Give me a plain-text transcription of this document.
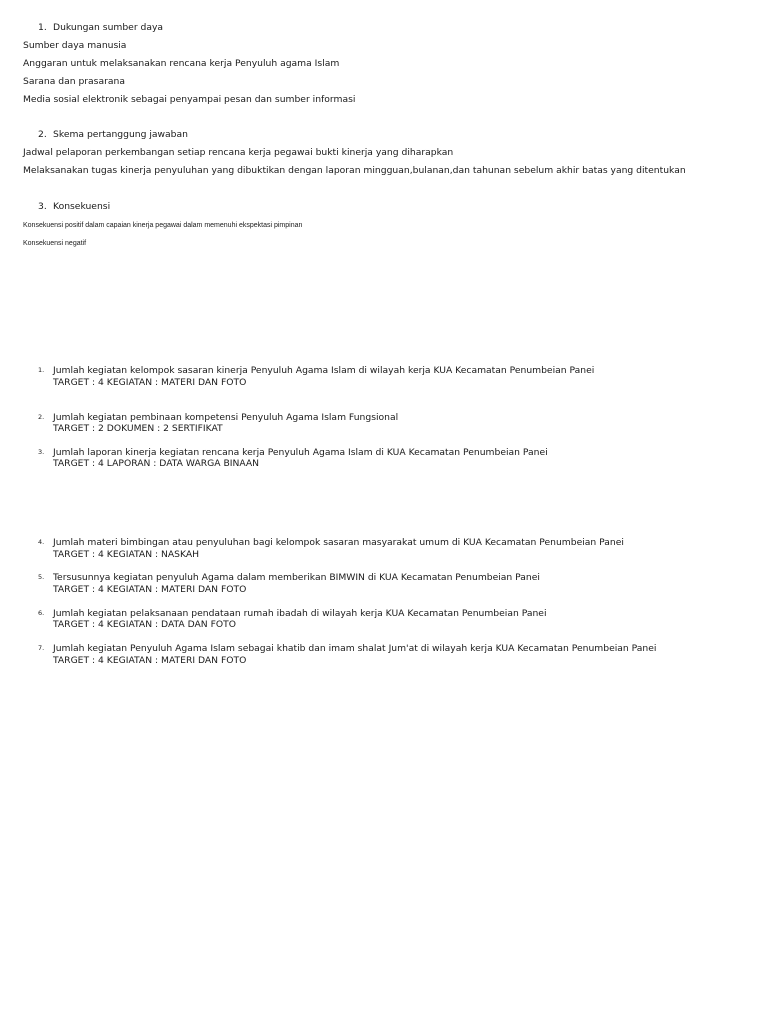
1. Dukungan sumber daya
Sumber daya manusia
Anggaran untuk melaksanakan rencana kerja Penyuluh agama Islam
Sarana dan prasarana
Media sosial elektronik sebagai penyampai pesan dan sumber informasi
2. Skema pertanggung jawaban
Jadwal pelaporan perkembangan setiap rencana kerja pegawai bukti kinerja yang diharapkan
Melaksanakan tugas kinerja penyuluhan yang dibuktikan dengan laporan mingguan,bulanan,dan tahunan sebelum akhir batas yang ditentukan
3. Konsekuensi
Konsekuensi positif dalam capaian kinerja pegawai dalam memenuhi ekspektasi pimpinan
Konsekuensi negatif
1. Jumlah kegiatan kelompok sasaran kinerja Penyuluh Agama Islam di wilayah kerja KUA Kecamatan Penumbeian Panei
TARGET : 4 KEGIATAN : MATERI DAN FOTO
2. Jumlah kegiatan pembinaan kompetensi Penyuluh Agama Islam Fungsional
TARGET : 2 DOKUMEN : 2 SERTIFIKAT
3. Jumlah laporan kinerja kegiatan rencana kerja Penyuluh Agama Islam di KUA Kecamatan Penumbeian Panei
TARGET : 4 LAPORAN : DATA WARGA BINAAN
4. Jumlah materi bimbingan atau penyuluhan bagi kelompok sasaran masyarakat umum di KUA Kecamatan Penumbeian Panei
TARGET : 4 KEGIATAN : NASKAH
5. Tersusunnya kegiatan penyuluh Agama dalam memberikan BIMWIN di KUA Kecamatan Penumbeian Panei
TARGET : 4 KEGIATAN : MATERI DAN FOTO
6. Jumlah kegiatan pelaksanaan pendataan rumah ibadah di wilayah kerja KUA Kecamatan Penumbeian Panei
TARGET : 4 KEGIATAN : DATA DAN FOTO
7. Jumlah kegiatan Penyuluh Agama Islam sebagai khatib dan imam shalat Jum'at di wilayah kerja KUA Kecamatan Penumbeian Panei
TARGET : 4 KEGIATAN : MATERI DAN FOTO
